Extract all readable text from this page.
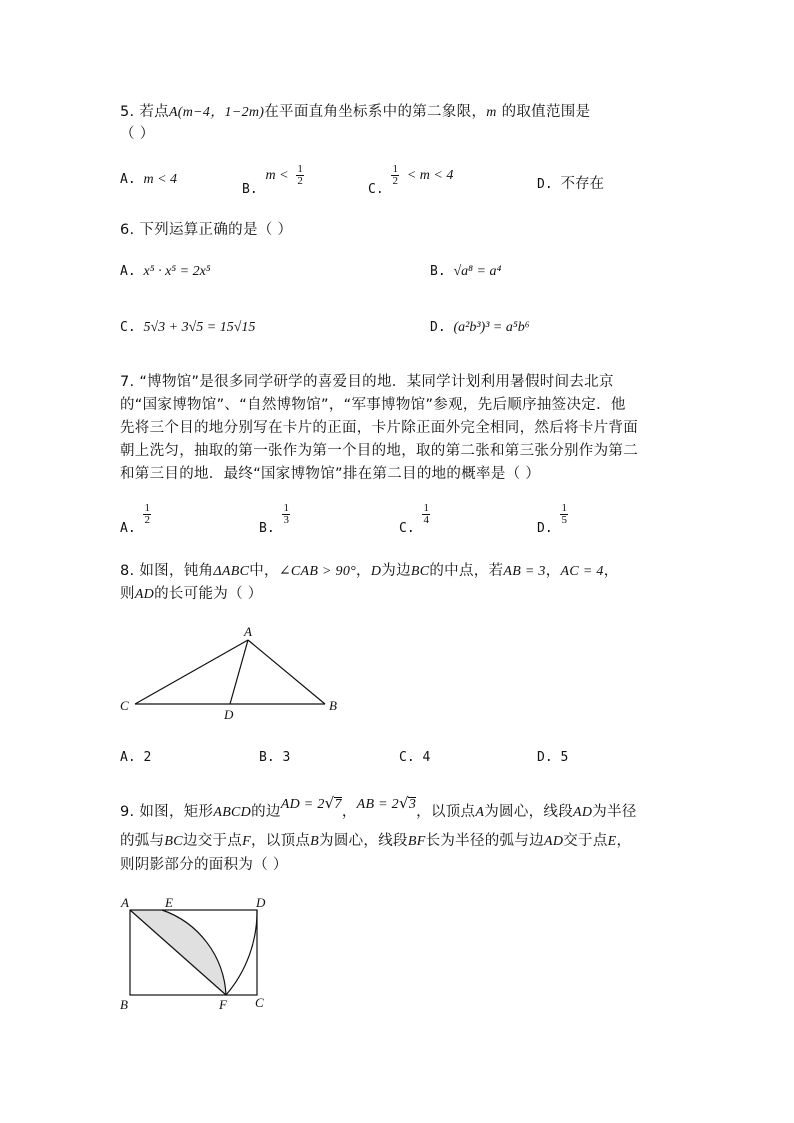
5. 若点A(m−4，1−2m)在平面直角坐标系中的第二象限，m 的取值范围是
（ ）
A. m < 4
B. $m < \frac{1}{2}$
C.
$\frac{1}{2} < m < 4$
D. 不存在
6. 下列运算正确的是（ ）
A. x⁵ · x⁵ = 2x⁵	B. √a⁸ = a⁴
C. 5√3 + 3√5 = 15√15	D. (a²b³)³ = a⁵b⁶
7. “博物馆”是很多同学研学的喜爱目的地．某同学计划利用暑假时间去北京
的“国家博物馆”、“自然博物馆”，“军事博物馆”参观，先后顺序抽签决定．他
先将三个目的地分别写在卡片的正面，卡片除正面外完全相同，然后将卡片背面
朝上洗匀，抽取的第一张作为第一个目的地，取的第二张和第三张分别作为第二
和第三目的地．最终“国家博物馆”排在第二目的地的概率是（ ）
A.
$\frac{1}{2}$
B.
$\frac{1}{3}$
C.
$\frac{1}{4}$
D.
$\frac{1}{5}$
8. 如图，钝角ΔABC中，∠CAB > 90°，D为边BC的中点，若AB = 3，AC = 4，
则AD的长可能为（ ）
A
C
D
B
A. 2	B. 3	C. 4	D. 5
9. 如图，矩形ABCD的边AD = 2√7，AB = 2√3，以顶点A为圆心，线段AD为半径
的弧与BC边交于点F，以顶点B为圆心，线段BF长为半径的弧与边AD交于点E，
则阴影部分的面积为（ ）
A	E	D
B	F C
